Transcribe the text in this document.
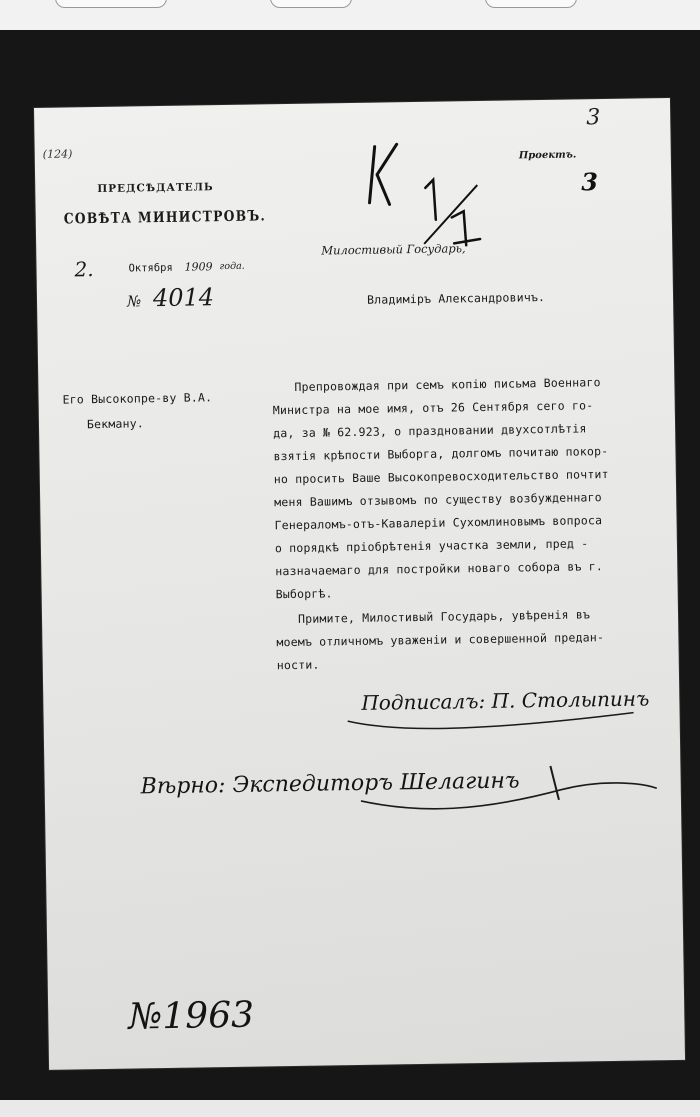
(124)
3
3
Проектъ.
ПРЕДСѢДАТЕЛЬ
СОВѢТА МИНИСТРОВЪ.
2.	Октября 1909 года.
№ 4014
Милостивый Государь,
Владимiръ Александровичъ.
Его Высокопре-ву В.А.
Бекману.
Препровождая при семъ копiю письма Военнаго
Министра на мое имя, отъ 26 Сентября сего го-
да, за № 62.923, о праздновании двухсотлѣтiя
взятiя крѣпости Выборга, долгомъ почитаю покор-
но просить Ваше Высокопревосходительство почтит
меня Вашимъ отзывомъ по существу возбужденнаго
Генераломъ-отъ-Кавалерiи Сухомлиновымъ вопроса
о порядкѣ прiобрѣтенiя участка земли, пред -
назначаемаго для постройки новаго собора въ г.
Выборгѣ.
Примите, Милостивый Государь, увѣренiя въ
моемъ отличномъ уваженiи и совершенной предан-
ности.
Подписалъ: П. Столыпинъ
Вѣрно: Экспедиторъ Шелагинъ
№1963
